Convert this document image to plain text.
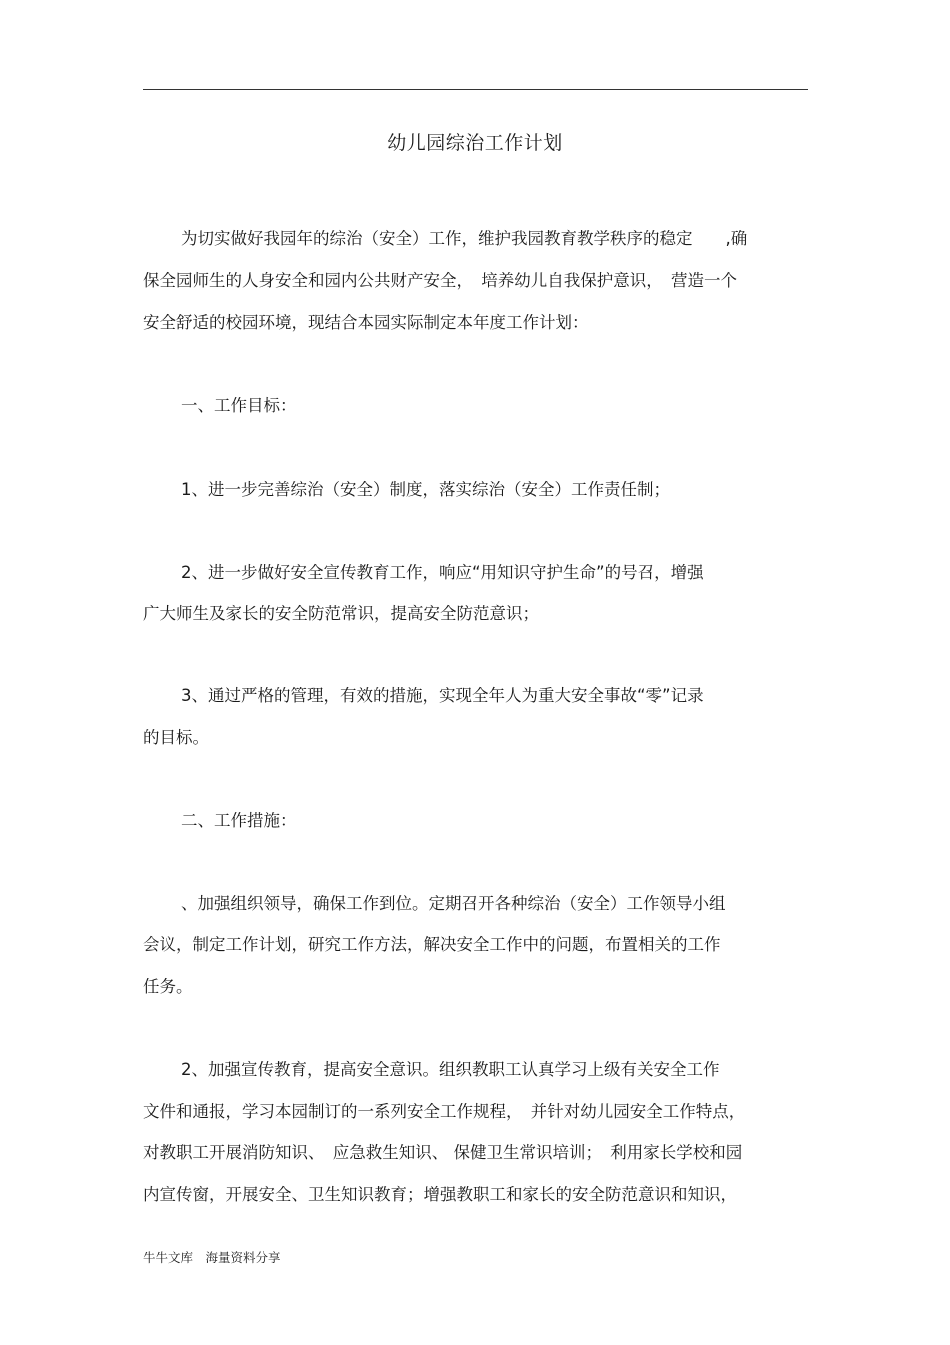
幼儿园综治工作计划
为切实做好我园年的综治（安全）工作，维护我园教育教学秩序的稳定　　,确
保全园师生的人身安全和园内公共财产安全，　培养幼儿自我保护意识，　营造一个
安全舒适的校园环境，现结合本园实际制定本年度工作计划：
一、工作目标：
1、进一步完善综治（安全）制度，落实综治（安全）工作责任制；
2、进一步做好安全宣传教育工作，响应“用知识守护生命”的号召，增强
广大师生及家长的安全防范常识，提高安全防范意识；
3、通过严格的管理，有效的措施，实现全年人为重大安全事故“零”记录
的目标。
二、工作措施：
、加强组织领导，确保工作到位。定期召开各种综治（安全）工作领导小组
会议，制定工作计划，研究工作方法，解决安全工作中的问题，布置相关的工作
任务。
2、加强宣传教育，提高安全意识。组织教职工认真学习上级有关安全工作
文件和通报，学习本园制订的一系列安全工作规程，　并针对幼儿园安全工作特点，
对教职工开展消防知识、　应急救生知识、 保健卫生常识培训；　利用家长学校和园
内宣传窗，开展安全、卫生知识教育；增强教职工和家长的安全防范意识和知识，
牛牛文库　海量资料分享
